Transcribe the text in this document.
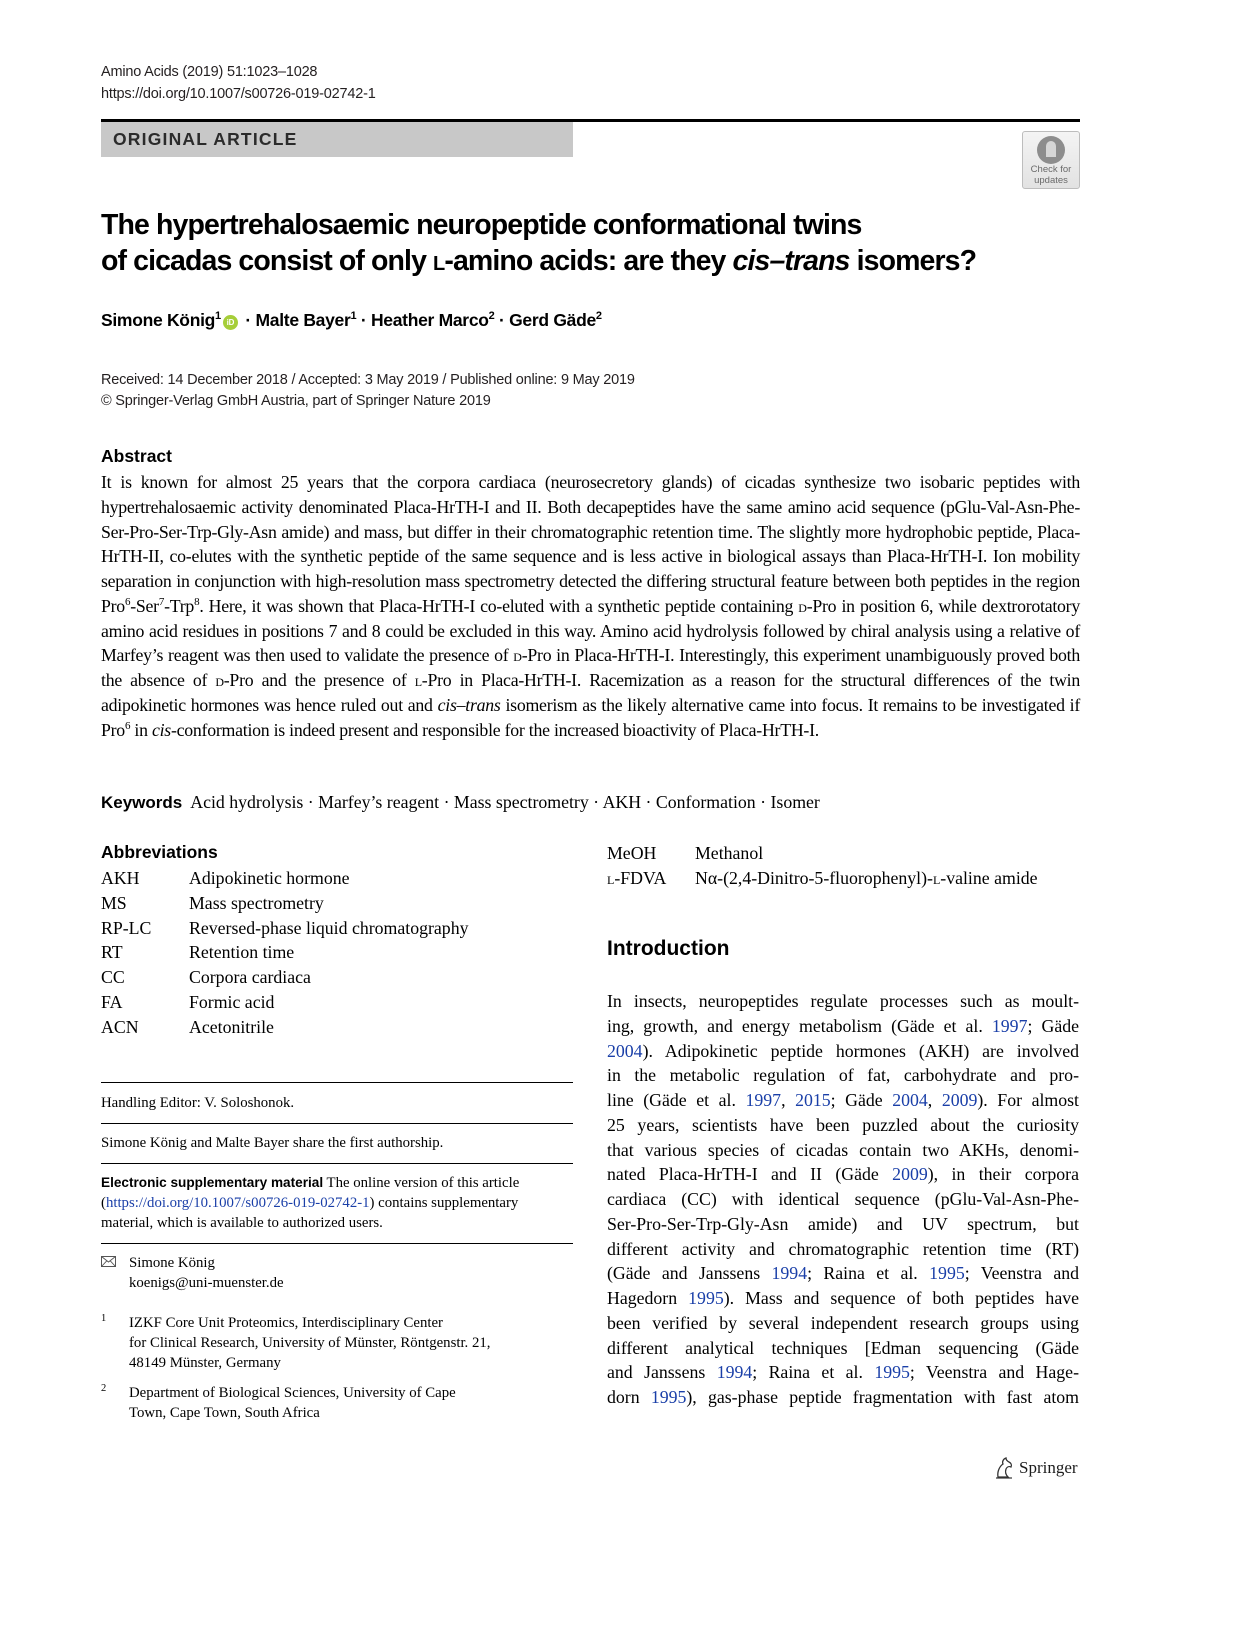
Amino Acids (2019) 51:1023–1028
https://doi.org/10.1007/s00726-019-02742-1
ORIGINAL ARTICLE
Check for
updates
The hypertrehalosaemic neuropeptide conformational twins
of cicadas consist of only l-amino acids: are they cis–trans isomers?
Simone König$^1$iD · Malte Bayer$^1$ · Heather Marco$^2$ · Gerd Gäde$^2$
Received: 14 December 2018 / Accepted: 3 May 2019 / Published online: 9 May 2019
© Springer-Verlag GmbH Austria, part of Springer Nature 2019
Abstract
It is known for almost 25 years that the corpora cardiaca (neurosecretory glands) of cicadas synthesize two isobaric peptides with hypertrehalosaemic activity denominated Placa-HrTH-I and II. Both decapeptides have the same amino acid sequence (pGlu-Val-Asn-Phe-Ser-Pro-Ser-Trp-Gly-Asn amide) and mass, but differ in their chromatographic retention time. The slightly more hydrophobic peptide, Placa-HrTH-II, co-elutes with the synthetic peptide of the same sequence and is less active in biological assays than Placa-HrTH-I. Ion mobility separation in conjunction with high-resolution mass spectrometry detected the differing structural feature between both peptides in the region Pro$^6$-Ser$^7$-Trp$^8$. Here, it was shown that Placa-HrTH-I co-eluted with a synthetic peptide containing d-Pro in position 6, while dextrorotatory amino acid residues in positions 7 and 8 could be excluded in this way. Amino acid hydrolysis followed by chiral analysis using a relative of Marfey’s reagent was then used to validate the presence of d-Pro in Placa-HrTH-I. Interestingly, this experiment unambiguously proved both the absence of d-Pro and the presence of l-Pro in Placa-HrTH-I. Racemization as a reason for the structural differences of the twin adipokinetic hormones was hence ruled out and cis–trans isomerism as the likely alternative came into focus. It remains to be investigated if Pro$^6$ in cis-conformation is indeed present and responsible for the increased bioactivity of Placa-HrTH-I.
Keywords Acid hydrolysis · Marfey’s reagent · Mass spectrometry · AKH · Conformation · Isomer
Abbreviations
AKH	Adipokinetic hormone
MS	Mass spectrometry
RP-LC	Reversed-phase liquid chromatography
RT	Retention time
CC	Corpora cardiaca
FA	Formic acid
ACN	Acetonitrile
MeOH	Methanol
l-FDVA	Nα-(2,4-Dinitro-5-fluorophenyl)-l-valine amide
Handling Editor: V. Soloshonok.
Simone König and Malte Bayer share the first authorship.
Electronic supplementary material The online version of this article (https://doi.org/10.1007/s00726-019-02742-1) contains supplementary material, which is available to authorized users.
Simone König
koenigs@uni-muenster.de
1 IZKF Core Unit Proteomics, Interdisciplinary Center
for Clinical Research, University of Münster, Röntgenstr. 21,
48149 Münster, Germany
2 Department of Biological Sciences, University of Cape
Town, Cape Town, South Africa
Introduction
In insects, neuropeptides regulate processes such as moult-
ing, growth, and energy metabolism (Gäde et al. 1997; Gäde
2004). Adipokinetic peptide hormones (AKH) are involved
in the metabolic regulation of fat, carbohydrate and pro-
line (Gäde et al. 1997, 2015; Gäde 2004, 2009). For almost
25 years, scientists have been puzzled about the curiosity
that various species of cicadas contain two AKHs, denomi-
nated Placa-HrTH-I and II (Gäde 2009), in their corpora
cardiaca (CC) with identical sequence (pGlu-Val-Asn-Phe-
Ser-Pro-Ser-Trp-Gly-Asn amide) and UV spectrum, but
different activity and chromatographic retention time (RT)
(Gäde and Janssens 1994; Raina et al. 1995; Veenstra and
Hagedorn 1995). Mass and sequence of both peptides have
been verified by several independent research groups using
different analytical techniques [Edman sequencing (Gäde
and Janssens 1994; Raina et al. 1995; Veenstra and Hage-
dorn 1995), gas-phase peptide fragmentation with fast atom
Springer
